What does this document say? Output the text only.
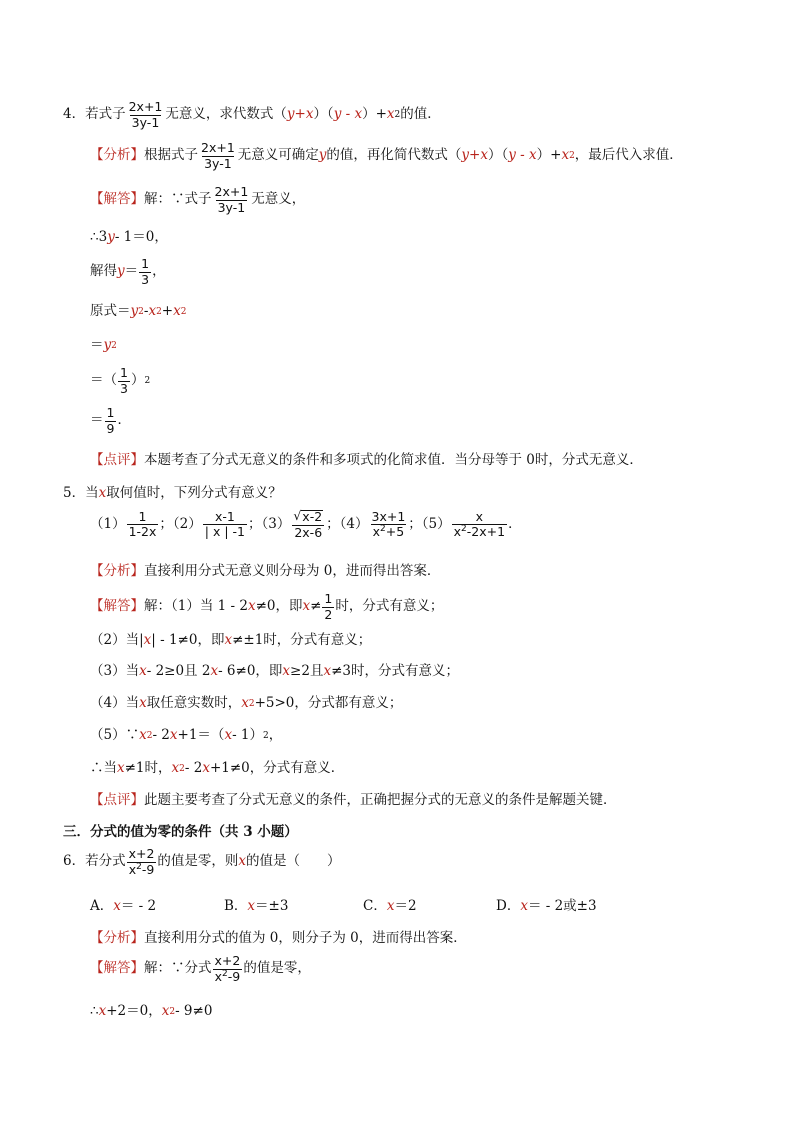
4． 若式子 $\frac{2x+1}{3y-1}$ 无意义，求代数式（ y+x ）（ y - x ）+ x 2 的值．
【分析】 根据式子 $\frac{2x+1}{3y-1}$ 无意义可确定 y 的值，再化简代数式（ y+x ）（ y - x ）+ x 2 ，最后代入求值．
【解答】 解：∵式子 $\frac{2x+1}{3y-1}$ 无意义，
∴3 y - 1＝0，
解得 $y = \frac{1}{3}$ ，
原式＝ y 2 - x 2 + x 2
＝ y 2
＝（ $\frac{1}{3}$ ） 2
＝ $\frac{1}{9}$ ．
【点评】 本题考查了分式无意义的条件和多项式的化简求值．当分母等于 0时，分式无意义．
5． 当 x 取何值时，下列分式有意义？
$(1) \frac{1}{1-2x}$ ；$(2) \frac{x-1}{| x | -1}$ ；$(3) \frac{√ x-2}{2x-6}$ ；$(4) \frac{3x+1}{x^2+5}$ ；$(5) \frac{x}{x^2-2x+1}$ ．
【分析】 直接利用分式无意义则分母为 0，进而得出答案．
【解答】 解：（1）当 1 - 2 x ≠0，即 $x \ne \frac{1}{2}$ 时，分式有意义；
（2）当| x | - 1≠0，即 x ≠±1时，分式有意义；
（3）当 x - 2≥0且 2 x - 6≠0，即 x ≥2且 x ≠3时，分式有意义；
（4）当 x 取任意实数时， x 2 +5>0，分式都有意义；
（5）∵ x 2 - 2 x +1＝（ x - 1） 2 ，
∴当 x ≠1时， x 2 - 2 x +1≠0，分式有意义．
【点评】 此题主要考查了分式无意义的条件，正确把握分式的无意义的条件是解题关键．
三．分式的值为零的条件（共 3 小题）
6． 若分式 $\frac{x+2}{x^2-9}$ 的值是零，则 x 的值是（　　）
A． x ＝ - 2	B． x ＝±3	C． x ＝2	D． x ＝ - 2或±3
【分析】 直接利用分式的值为 0，则分子为 0，进而得出答案．
【解答】 解：∵分式 $\frac{x+2}{x^2-9}$ 的值是零，
∴ x +2＝0， x 2 - 9≠0
